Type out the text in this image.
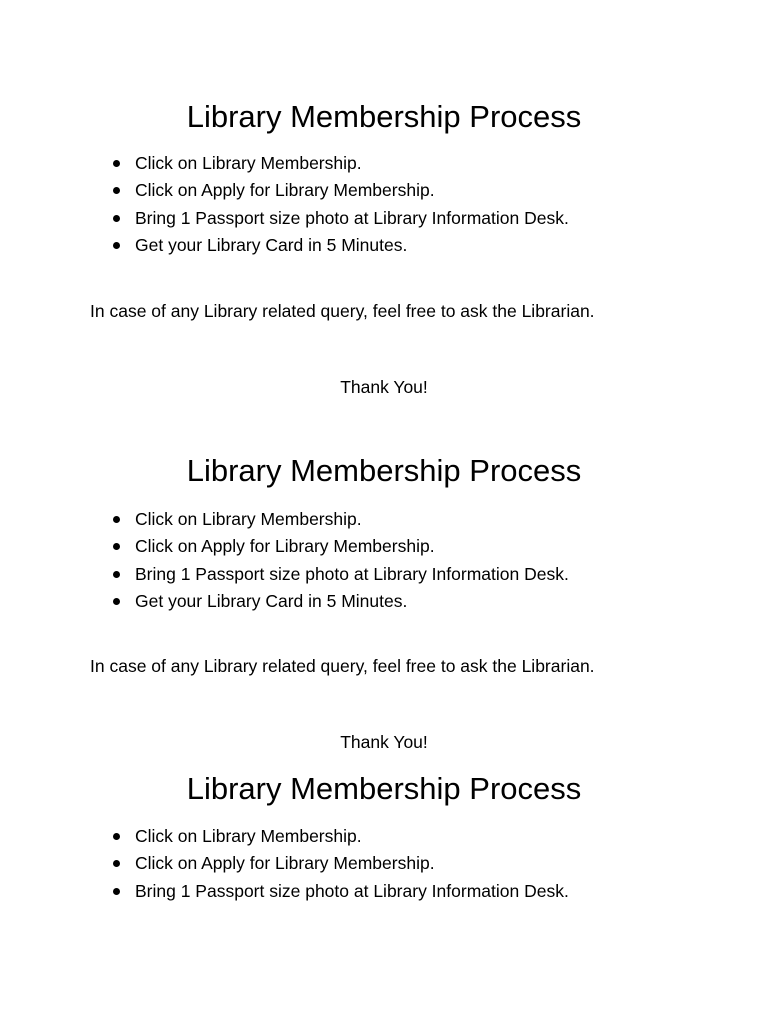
Library Membership Process
Click on Library Membership.
Click on Apply for Library Membership.
Bring 1 Passport size photo at Library Information Desk.
Get your Library Card in 5 Minutes.

In case of any Library related query, feel free to ask the Librarian.

Thank You!

Library Membership Process
Click on Library Membership.
Click on Apply for Library Membership.
Bring 1 Passport size photo at Library Information Desk.
Get your Library Card in 5 Minutes.

In case of any Library related query, feel free to ask the Librarian.

Thank You!

Library Membership Process
Click on Library Membership.
Click on Apply for Library Membership.
Bring 1 Passport size photo at Library Information Desk.
